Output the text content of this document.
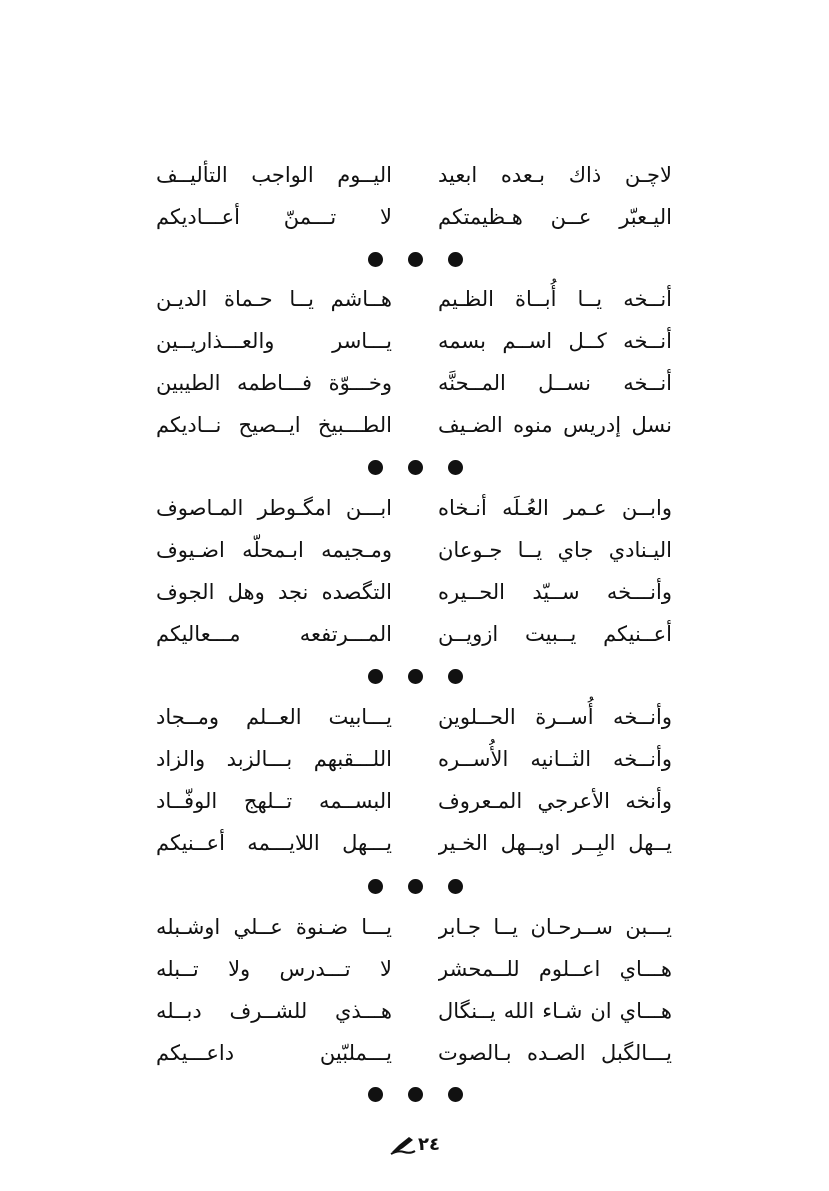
لاچـن ذاك بـعده ابعيد
اليــوم الواجب التأليــف
اليـعبّر عــن هـظيمتكم
لا تـــمنّ أعـــاديكم
أنــخه يــا أُبــاة الظـيم
هــاشم يــا حـماة الديـن
أنــخه كــل اســم بسمه
يـــاسر والعـــذاريــين
أنــخه نســل المــحنَّه
وخـــوّة فـــاطمه الطيبين
نسل إدريس منوه الضـيف
الطـــبيخ ايــصيح نــاديكم
وابــن عـمر العُـلَه أنـخاه
ابـــن امگـوطر المـاصوف
اليـنادي جاي يــا جـوعان
ومـجيمه ابـمحلّه اضـيوف
وأنـــخه ســيّد الحــيره
التگصده نجد وهل الجوف
أعــنيكم يــبيت ازويــن
المـــرتفعه مـــعاليكم
وأنــخه أُســرة الحــلوين
يـــابيت العــلم ومــجاد
وأنــخه الثــانيه الأُســره
اللـــقبهم بـــالزبد والزاد
وأنخه الأعرجي المـعروف
البســمه تــلهج الوفّــاد
يــهل البِــر اويــهل الخـير
يـــهل اللايـــمه أعــنيكم
يـــبن ســرحـان يــا جـابر
يـــا ضـنوة عــلي اوشـبله
هـــاي اعــلوم للــمحشر
لا تـــدرس ولا تــبله
هـــاي ان شـاء الله يــنگال
هـــذي للشــرف دبــله
يـــالگبل الصـده بـالصوت
يـــملبّين داعـــيكم
٢٤
